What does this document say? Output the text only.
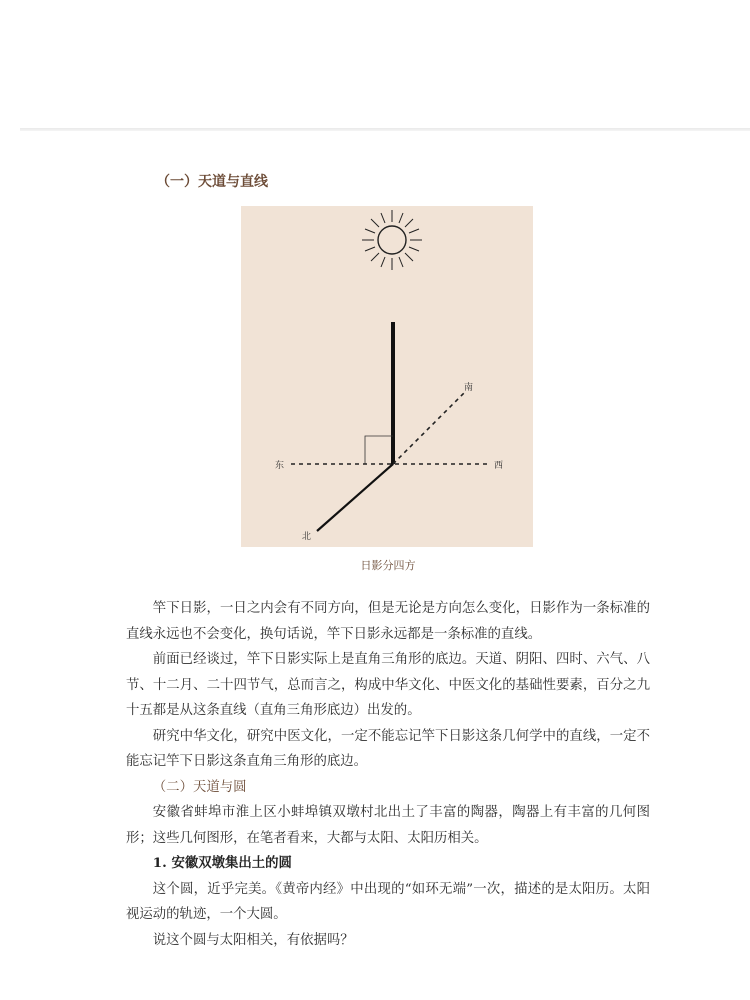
（一）天道与直线
东	西
南
北
日影分四方

竿下日影，一日之内会有不同方向，但是无论是方向怎么变化，日影作为一条标准的直线永远也不会变化，换句话说，竿下日影永远都是一条标准的直线。

前面已经谈过，竿下日影实际上是直角三角形的底边。天道、阴阳、四时、六气、八节、十二月、二十四节气，总而言之，构成中华文化、中医文化的基础性要素，百分之九十五都是从这条直线（直角三角形底边）出发的。

研究中华文化，研究中医文化，一定不能忘记竿下日影这条几何学中的直线，一定不能忘记竿下日影这条直角三角形的底边。

（二）天道与圆

安徽省蚌埠市淮上区小蚌埠镇双墩村北出土了丰富的陶器，陶器上有丰富的几何图形；这些几何图形，在笔者看来，大都与太阳、太阳历相关。

1. 安徽双墩集出土的圆

这个圆，近乎完美。《黄帝内经》中出现的“如环无端”一次，描述的是太阳历。太阳视运动的轨迹，一个大圆。

说这个圆与太阳相关，有依据吗？
